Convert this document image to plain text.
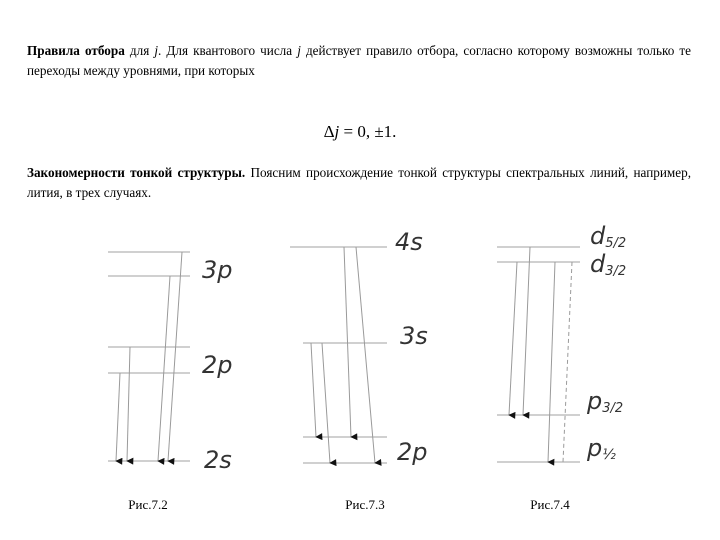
Правила отбора для j. Для квантового числа j действует правило отбора, согласно которому возможны только те переходы между уровнями, при которых

Δj = 0, ±1.

Закономерности тонкой структуры. Поясним происхождение тонкой структуры спектральных линий, например, лития, в трех случаях.

3p
2p
2s
4s
3s
2p
d5/2
d3/2
p3/2
p½
Рис.7.2	Рис.7.3	Рис.7.4
